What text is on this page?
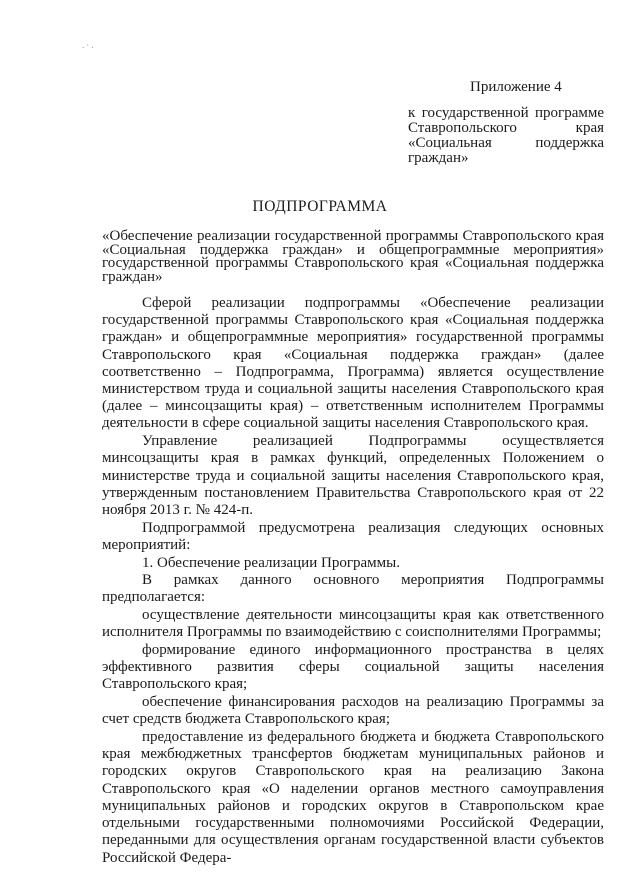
.·.
Приложение 4
к государственной программе Ставропольского края «Социальная поддержка граждан»
ПОДПРОГРАММА
«Обеспечение реализации государственной программы Ставропольского края «Социальная поддержка граждан» и общепрограммные мероприятия» государственной программы Ставропольского края «Социальная поддержка граждан»

Сферой реализации подпрограммы «Обеспечение реализации государственной программы Ставропольского края «Социальная поддержка граждан» и общепрограммные мероприятия» государственной программы Ставропольского края «Социальная поддержка граждан» (далее соответственно – Подпрограмма, Программа) является осуществление министерством труда и социальной защиты населения Ставропольского края (далее – минсоцзащиты края) – ответственным исполнителем Программы деятельности в сфере социальной защиты населения Ставропольского края.

Управление реализацией Подпрограммы осуществляется минсоцзащиты края в рамках функций, определенных Положением о министерстве труда и социальной защиты населения Ставропольского края, утвержденным постановлением Правительства Ставропольского края от 22 ноября 2013 г. № 424-п.

Подпрограммой предусмотрена реализация следующих основных мероприятий:

1. Обеспечение реализации Программы.

В рамках данного основного мероприятия Подпрограммы предполагается:

осуществление деятельности минсоцзащиты края как ответственного исполнителя Программы по взаимодействию с соисполнителями Программы;

формирование единого информационного пространства в целях эффективного развития сферы социальной защиты населения Ставропольского края;

обеспечение финансирования расходов на реализацию Программы за счет средств бюджета Ставропольского края;

предоставление из федерального бюджета и бюджета Ставропольского края межбюджетных трансфертов бюджетам муниципальных районов и городских округов Ставропольского края на реализацию Закона Ставропольского края «О наделении органов местного самоуправления муниципальных районов и городских округов в Ставропольском крае отдельными государственными полномочиями Российской Федерации, переданными для осуществления органам государственной власти субъектов Российской Федера-
